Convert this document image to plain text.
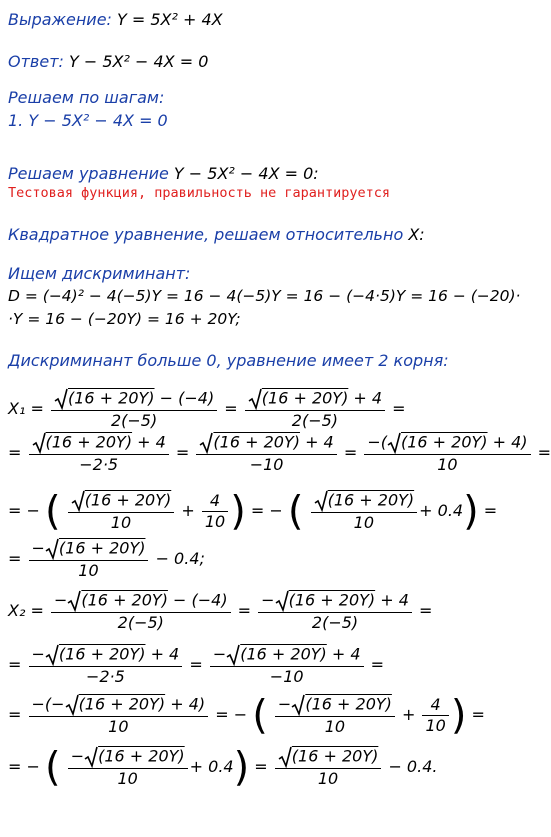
Выражение: Y = 5X² + 4X
Ответ: Y − 5X² − 4X = 0
Решаем по шагам:
1. Y − 5X² − 4X = 0
Решаем уравнение Y − 5X² − 4X = 0:
Тестовая функция, правильность не гарантируется
Квадратное уравнение, решаем относительно X:
Ищем дискриминант:
D = (−4)² − 4(−5)Y = 16 − 4(−5)Y = 16 − (−4·5)Y = 16 − (−20)·
·Y = 16 − (−20Y) = 16 + 20Y;
Дискриминант больше 0, уравнение имеет 2 корня:
$X_1 = \frac{(16 + 20Y) - (-4)}{2(-5)} = \frac{(16 + 20Y) + 4}{2(-5)}$ =
= $\frac{(16 + 20Y) + 4}{-2\cdot 5} = \frac{(16 + 20Y) + 4}{-10} = \frac{-( (16 + 20Y) + 4)}{10}$ =
= − ( $\frac{(16 + 20Y)}{10} + \frac{4}{10}$ ) = − ( $\frac{(16 + 20Y)}{10} + 0.4$) =
= $\frac{- (16 + 20Y)}{10} - 0.4$;
$X_2 = \frac{- (16 + 20Y) - (-4)}{2(-5)} = \frac{- (16 + 20Y) + 4}{2(-5)}$ =
= $\frac{- (16 + 20Y) + 4}{-2\cdot 5} = \frac{- (16 + 20Y) + 4}{-10}$ =
= $\frac{-(- (16 + 20Y) + 4)}{10}$ = − ( $\frac{- (16 + 20Y)}{10} + \frac{4}{10}$ ) =
= − ( $\frac{- (16 + 20Y)}{10} + 0.4) = \frac{(16 + 20Y)}{10} - 0.4$.
